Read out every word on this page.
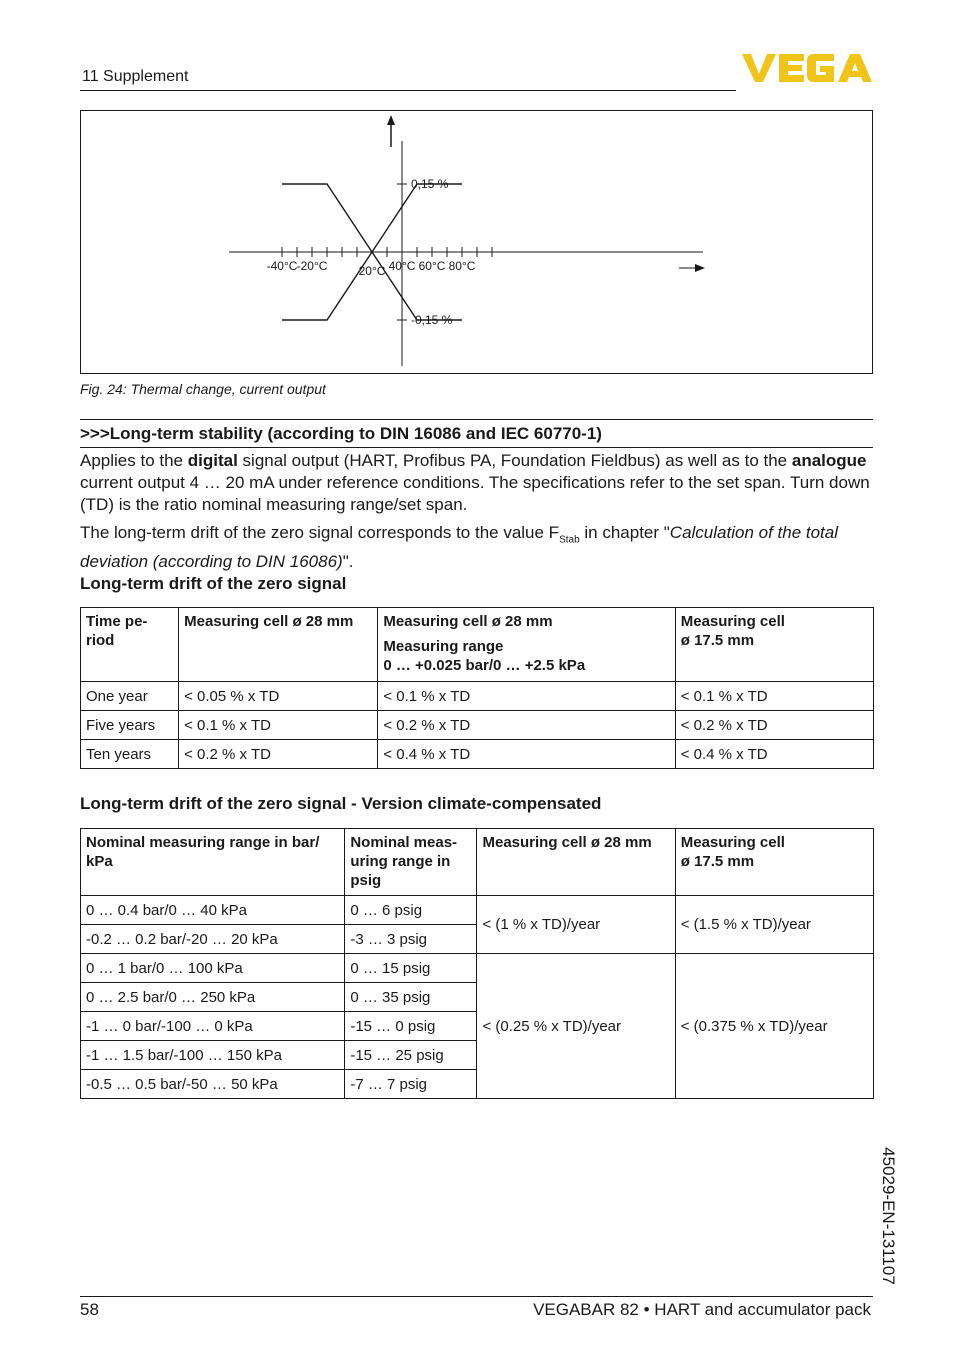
11 Supplement
-40°C -20°C	20°C 40°C 60°C 80°C
0,15 %
-0,15 %
Fig. 24: Thermal change, current output
>>>Long-term stability (according to DIN 16086 and IEC 60770-1)
Applies to the digital signal output (HART, Profibus PA, Foundation Fieldbus) as well as to the analogue current output 4 … 20 mA under reference conditions. The specifications refer to the set span. Turn down (TD) is the ratio nominal measuring range/set span.
The long-term drift of the zero signal corresponds to the value $F_{Stab}$ in chapter "Calculation of the total deviation (according to DIN 16086)".
Long-term drift of the zero signal
Time pe-
riod	Measuring cell ø 28 mm	Measuring cell ø 28 mm
Measuring range
0 … +0.025 bar/0 … +2.5 kPa	Measuring cell
ø 17.5 mm
One year	< 0.05 % x TD	< 0.1 % x TD	< 0.1 % x TD
Five years	< 0.1 % x TD	< 0.2 % x TD	< 0.2 % x TD
Ten years	< 0.2 % x TD	< 0.4 % x TD	< 0.4 % x TD
Long-term drift of the zero signal - Version climate-compensated
Nominal measuring range in bar/
kPa	Nominal meas-
uring range in
psig	Measuring cell ø 28 mm	Measuring cell
ø 17.5 mm
0 … 0.4 bar/0 … 40 kPa	0 … 6 psig	< (1 % x TD)/year	< (1.5 % x TD)/year
-0.2 … 0.2 bar/-20 … 20 kPa	-3 … 3 psig		
0 … 1 bar/0 … 100 kPa	0 … 15 psig	< (0.25 % x TD)/year	< (0.375 % x TD)/year
0 … 2.5 bar/0 … 250 kPa	0 … 35 psig		
-1 … 0 bar/-100 … 0 kPa	-15 … 0 psig		
-1 … 1.5 bar/-100 … 150 kPa	-15 … 25 psig		
-0.5 … 0.5 bar/-50 … 50 kPa	-7 … 7 psig		
45029-EN-131107
58	VEGABAR 82 • HART and accumulator pack
